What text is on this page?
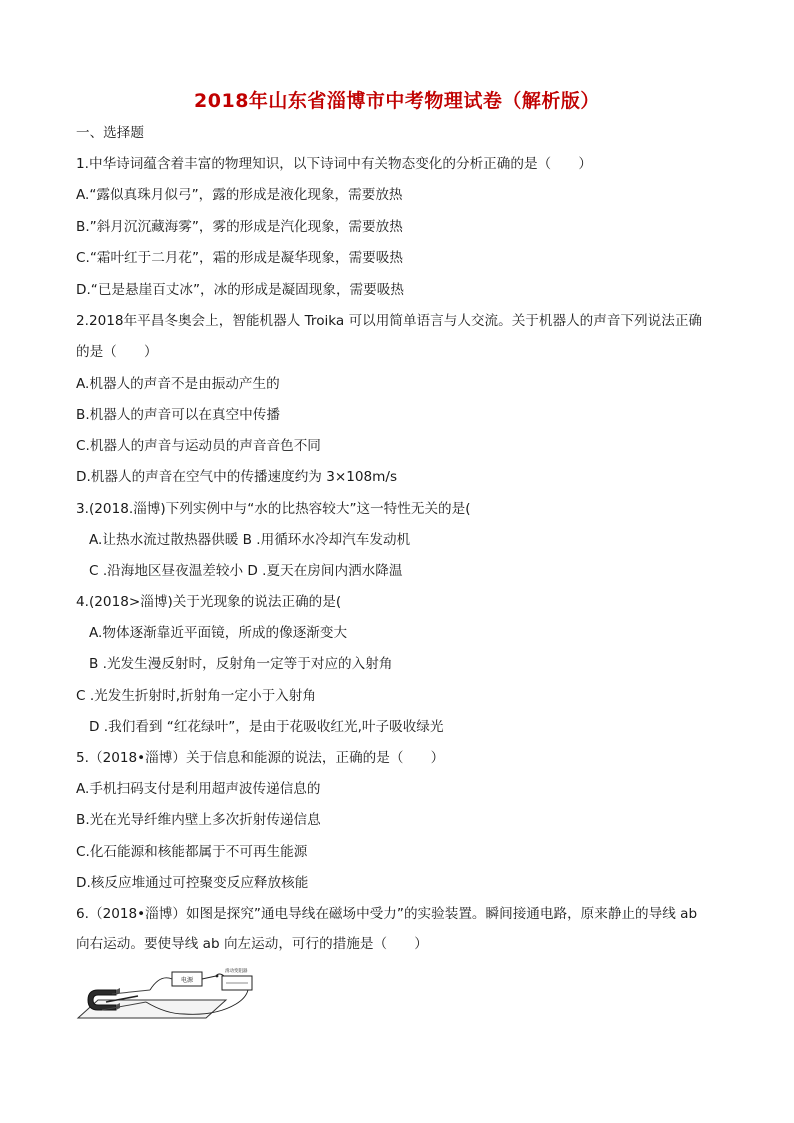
2018年山东省淄博市中考物理试卷（解析版）
一、选择题
1.中华诗词蕴含着丰富的物理知识，以下诗词中有关物态变化的分析正确的是（　　）
A.“露似真珠月似弓”，露的形成是液化现象，需要放热
B.”斜月沉沉藏海雾”，雾的形成是汽化现象，需要放热
C.“霜叶红于二月花”，霜的形成是凝华现象，需要吸热
D.“已是悬崖百丈冰”，冰的形成是凝固现象，需要吸热
2.2018年平昌冬奥会上，智能机器人 Troika 可以用简单语言与人交流。关于机器人的声音下列说法正确
的是（　　）
A.机器人的声音不是由振动产生的
B.机器人的声音可以在真空中传播
C.机器人的声音与运动员的声音音色不同
D.机器人的声音在空气中的传播速度约为 3×108m/s
3.(2018.淄博)下列实例中与“水的比热容较大”这一特性无关的是(
A.让热水流过散热器供暖 B .用循环水冷却汽车发动机
C .沿海地区昼夜温差较小 D .夏天在房间内洒水降温
4.(2018>淄博)关于光现象的说法正确的是(
A.物体逐渐靠近平面镜，所成的像逐渐变大
B .光发生漫反射时，反射角一定等于对应的入射角
C .光发生折射时,折射角一定小于入射角
D .我们看到 “红花绿叶”，是由于花吸收红光,叶子吸收绿光
5.（2018•淄博）关于信息和能源的说法，正确的是（　　）
A.手机扫码支付是利用超声波传递信息的
B.光在光导纤维内壁上多次折射传递信息
C.化石能源和核能都属于不可再生能源
D.核反应堆通过可控聚变反应释放核能
6.（2018•淄博）如图是探究”通电导线在磁场中受力”的实验装置。瞬间接通电路，原来静止的导线 ab
向右运动。要使导线 ab 向左运动，可行的措施是（　　）
电源
滑动变阻器
